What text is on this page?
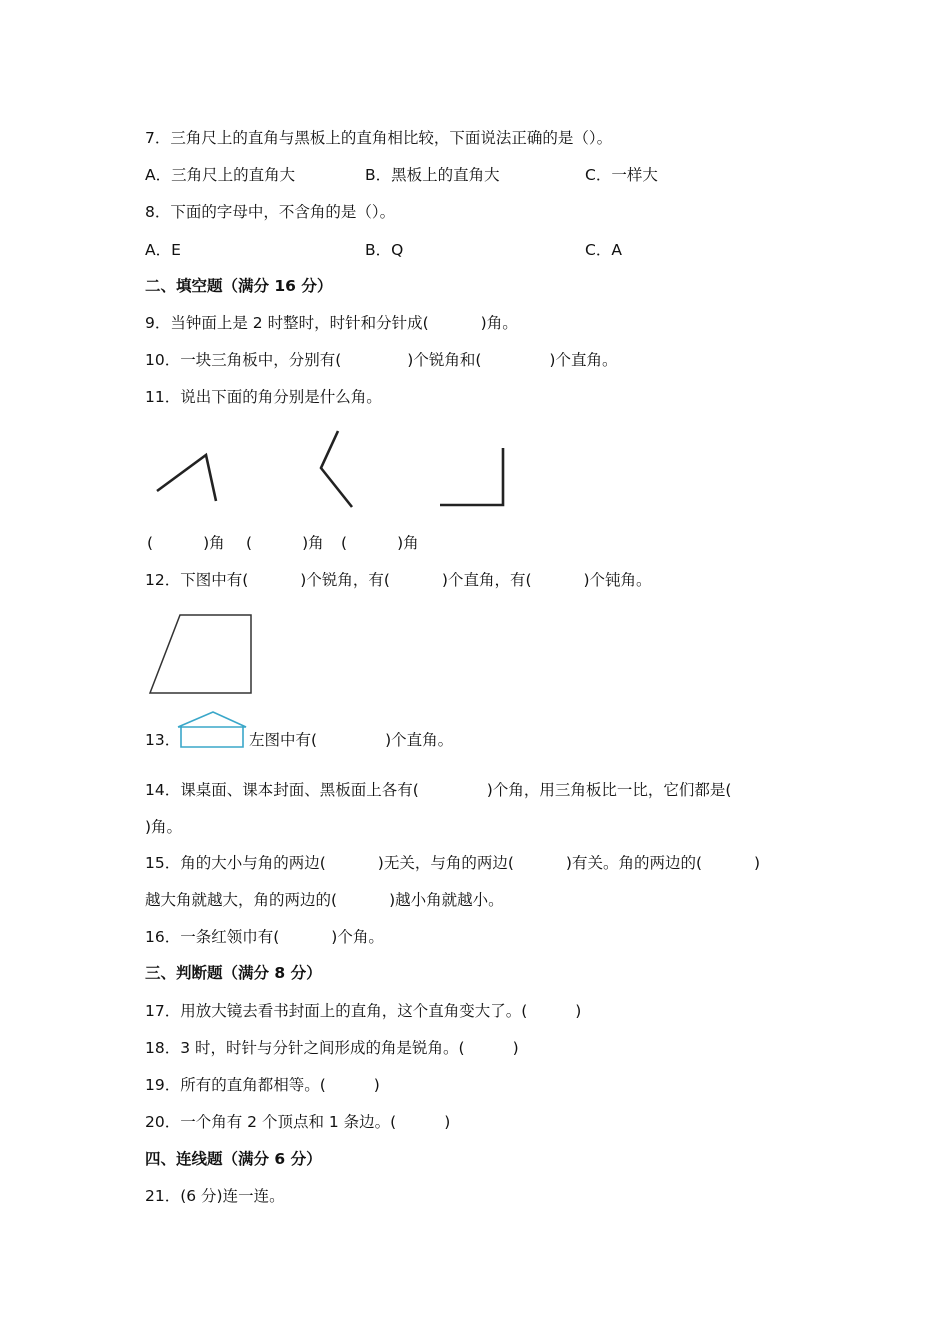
7．三角尺上的直角与黑板上的直角相比较，下面说法正确的是（）。
A．三角尺上的直角大	B．黑板上的直角大	C．一样大
8．下面的字母中，不含角的是（）。
A．E	B．Q	C．A
二、填空题（满分 16 分）
9．当钟面上是 2 时整时，时针和分针成(	)角。
10．一块三角板中，分别有(	)个锐角和(	)个直角。
11．说出下面的角分别是什么角。
(	)角 (	)角 (	)角
12．下图中有(	)个锐角，有(	)个直角，有(	)个钝角。
13．	左图中有(	)个直角。
14．课桌面、课本封面、黑板面上各有(	)个角，用三角板比一比，它们都是(
)角。
15．角的大小与角的两边(	)无关，与角的两边(	)有关。角的两边的(	)
越大角就越大，角的两边的(	)越小角就越小。
16．一条红领巾有(	)个角。
三、判断题（满分 8 分）
17．用放大镜去看书封面上的直角，这个直角变大了。(	)
18．3 时，时针与分针之间形成的角是锐角。(	)
19．所有的直角都相等。(	)
20．一个角有 2 个顶点和 1 条边。(	)
四、连线题（满分 6 分）
21．(6 分)连一连。
